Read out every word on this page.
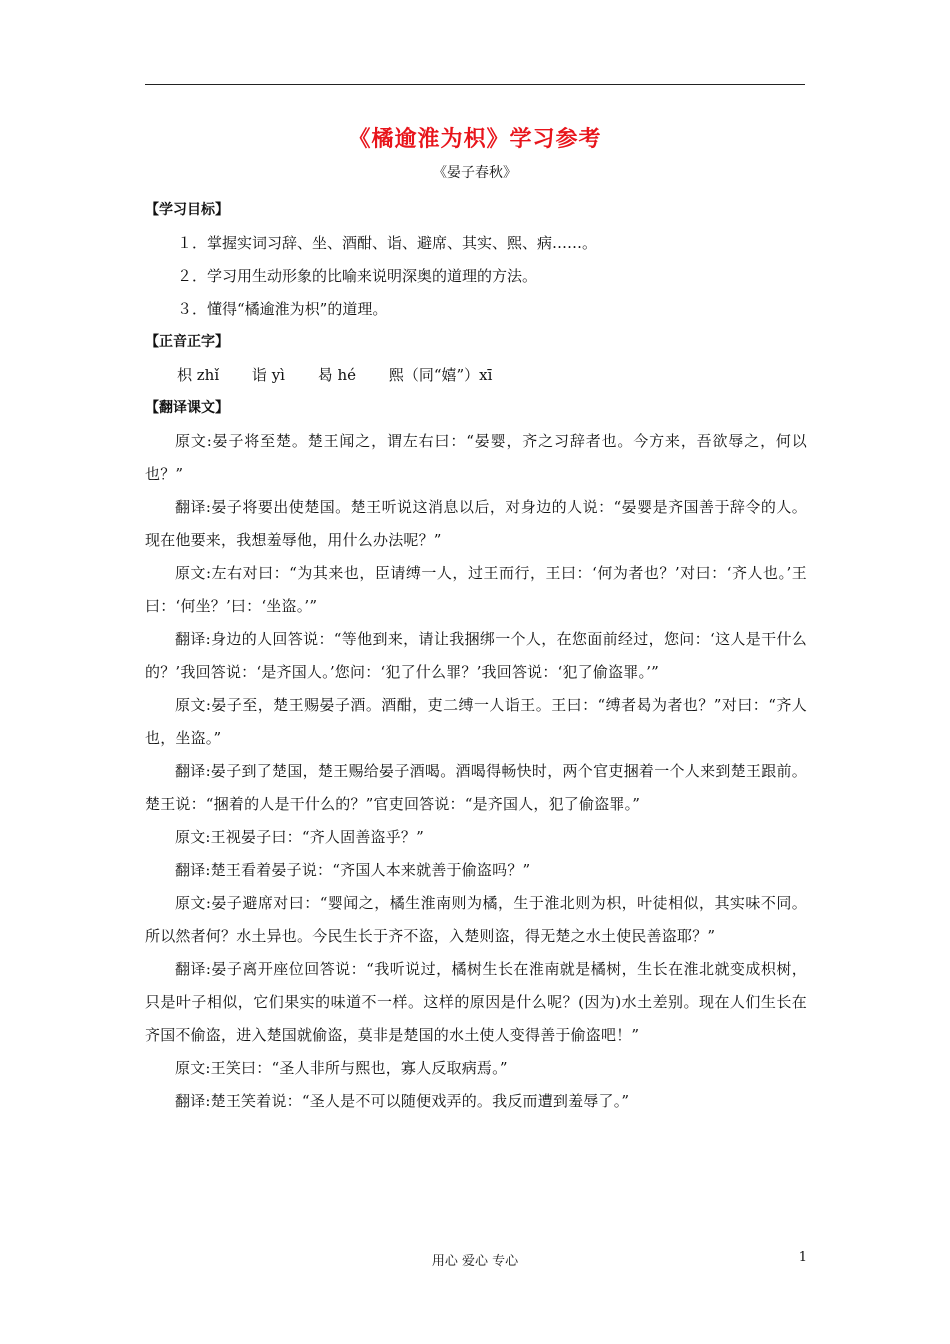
《橘逾淮为枳》学习参考
《晏子春秋》

【学习目标】

１．掌握实词习辞、坐、酒酣、诣、避席、其实、熙、病……。

２．学习用生动形象的比喻来说明深奥的道理的方法。

３．懂得“橘逾淮为枳”的道理。

【正音正字】

枳 zhǐ 诣 yì 曷 hé 熙（同“嬉”）xī

【翻译课文】

原文:晏子将至楚。楚王闻之，谓左右曰：“晏婴，齐之习辞者也。今方来，吾欲辱之，何以也？”

翻译:晏子将要出使楚国。楚王听说这消息以后，对身边的人说：“晏婴是齐国善于辞令的人。现在他要来，我想羞辱他，用什么办法呢？”

原文:左右对曰：“为其来也，臣请缚一人，过王而行，王曰：‘何为者也？’对曰：‘齐人也。’王曰：‘何坐？’曰：‘坐盗。’”

翻译:身边的人回答说：“等他到来，请让我捆绑一个人，在您面前经过，您问：‘这人是干什么的？’我回答说：‘是齐国人。’您问：‘犯了什么罪？’我回答说：‘犯了偷盗罪。’”

原文:晏子至，楚王赐晏子酒。酒酣，吏二缚一人诣王。王曰：“缚者曷为者也？”对曰：“齐人也，坐盗。”

翻译:晏子到了楚国，楚王赐给晏子酒喝。酒喝得畅快时，两个官吏捆着一个人来到楚王跟前。楚王说：“捆着的人是干什么的？”官吏回答说：“是齐国人，犯了偷盗罪。”

原文:王视晏子曰：“齐人固善盗乎？”

翻译:楚王看着晏子说：“齐国人本来就善于偷盗吗？”

原文:晏子避席对曰：“婴闻之，橘生淮南则为橘，生于淮北则为枳，叶徒相似，其实味不同。所以然者何？水土异也。今民生长于齐不盗，入楚则盗，得无楚之水土使民善盗耶？”

翻译:晏子离开座位回答说：“我听说过，橘树生长在淮南就是橘树，生长在淮北就变成枳树，只是叶子相似，它们果实的味道不一样。这样的原因是什么呢？(因为)水土差别。现在人们生长在齐国不偷盗，进入楚国就偷盗，莫非是楚国的水土使人变得善于偷盗吧！”

原文:王笑曰：“圣人非所与熙也，寡人反取病焉。”

翻译:楚王笑着说：“圣人是不可以随便戏弄的。我反而遭到羞辱了。”

用心 爱心 专心	1
